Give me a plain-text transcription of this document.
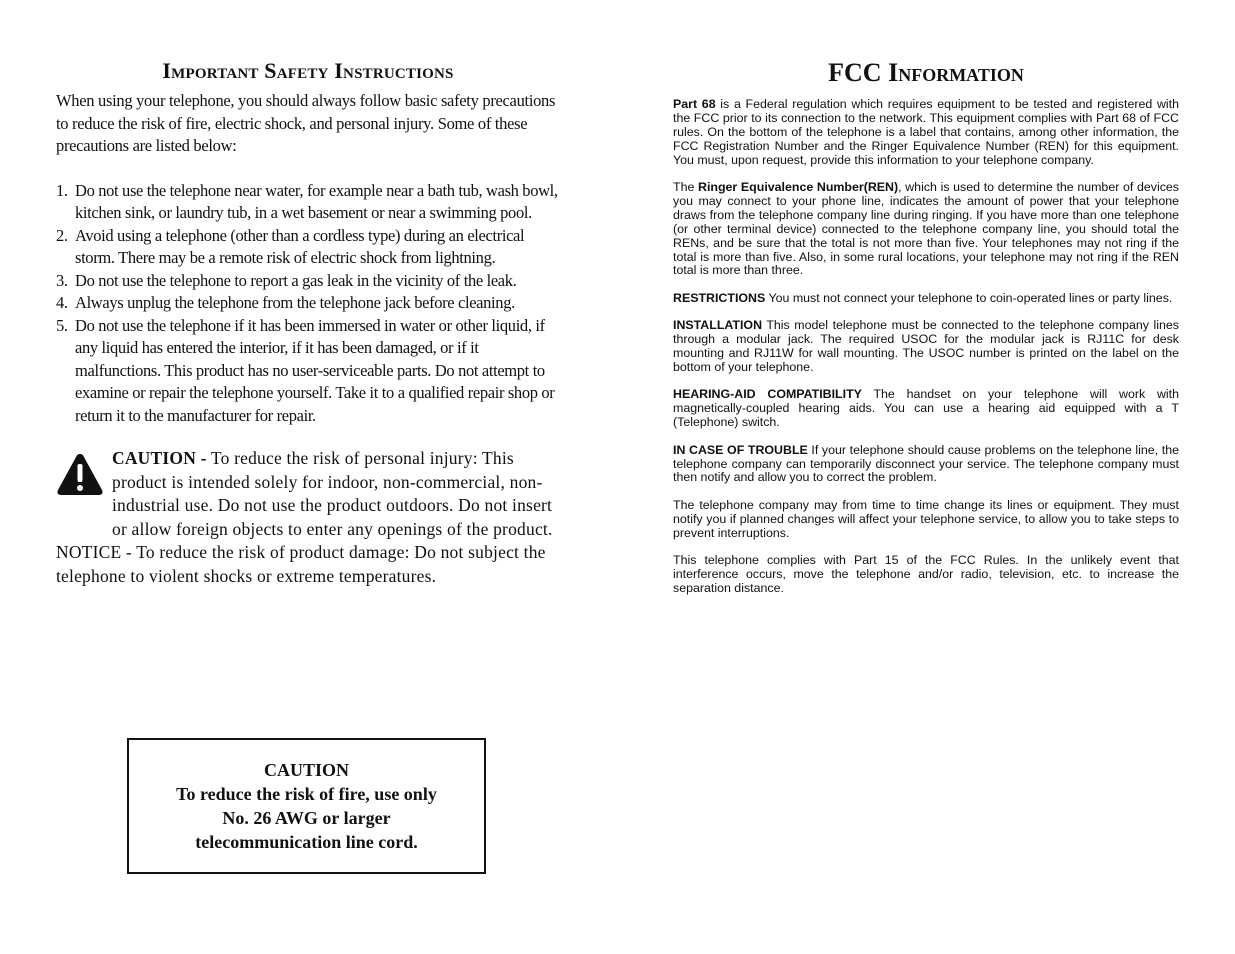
Important Safety Instructions

When using your telephone, you should always follow basic safety precautions to reduce the risk of fire, electric shock, and personal injury. Some of these precautions are listed below:

1. Do not use the telephone near water, for example near a bath tub, wash bowl, kitchen sink, or laundry tub, in a wet basement or near a swimming pool.
2. Avoid using a telephone (other than a cordless type) during an electrical storm. There may be a remote risk of electric shock from lightning.
3. Do not use the telephone to report a gas leak in the vicinity of the leak.
4. Always unplug the telephone from the telephone jack before cleaning.
5. Do not use the telephone if it has been immersed in water or other liquid, if any liquid has entered the interior, if it has been damaged, or if it malfunctions. This product has no user-serviceable parts. Do not attempt to examine or repair the telephone yourself. Take it to a qualified repair shop or return it to the manufacturer for repair.
CAUTION - To reduce the risk of personal injury: This product is intended solely for indoor, non-commercial, non-industrial use. Do not use the product outdoors. Do not insert or allow foreign objects to enter any openings of the product.

NOTICE - To reduce the risk of product damage: Do not subject the telephone to violent shocks or extreme temperatures.

CAUTION
To reduce the risk of fire, use only
No. 26 AWG or larger
telecommunication line cord.
FCC Information

Part 68 is a Federal regulation which requires equipment to be tested and registered with the FCC prior to its connection to the network. This equipment complies with Part 68 of FCC rules. On the bottom of the telephone is a label that contains, among other information, the FCC Registration Number and the Ringer Equivalence Number (REN) for this equipment. You must, upon request, provide this information to your telephone company.

The Ringer Equivalence Number(REN), which is used to determine the number of devices you may connect to your phone line, indicates the amount of power that your telephone draws from the telephone company line during ringing. If you have more than one telephone (or other terminal device) connected to the telephone company line, you should total the RENs, and be sure that the total is not more than five. Your telephones may not ring if the total is more than five. Also, in some rural locations, your telephone may not ring if the REN total is more than three.

RESTRICTIONS You must not connect your telephone to coin-operated lines or party lines.

INSTALLATION This model telephone must be connected to the telephone company lines through a modular jack. The required USOC for the modular jack is RJ11C for desk mounting and RJ11W for wall mounting. The USOC number is printed on the label on the bottom of your telephone.

HEARING-AID COMPATIBILITY The handset on your telephone will work with magnetically-coupled hearing aids. You can use a hearing aid equipped with a T (Telephone) switch.

IN CASE OF TROUBLE If your telephone should cause problems on the telephone line, the telephone company can temporarily disconnect your service. The telephone company must then notify and allow you to correct the problem.

The telephone company may from time to time change its lines or equipment. They must notify you if planned changes will affect your telephone service, to allow you to take steps to prevent interruptions.

This telephone complies with Part 15 of the FCC Rules. In the unlikely event that interference occurs, move the telephone and/or radio, television, etc. to increase the separation distance.
